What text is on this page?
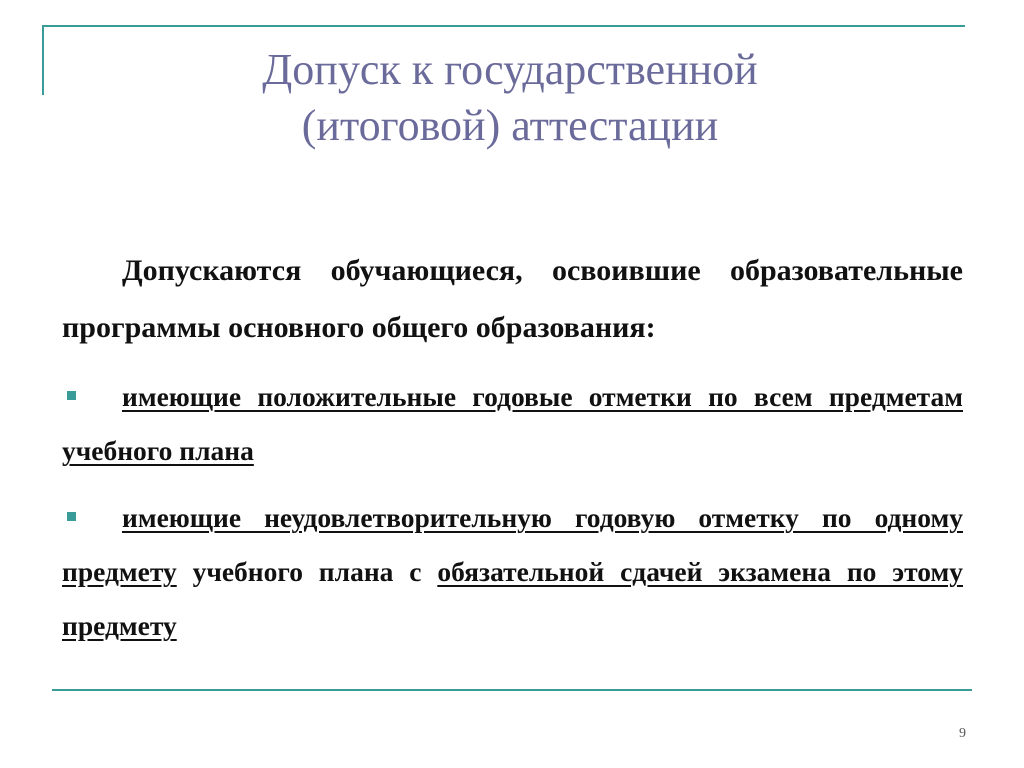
Допуск к государственной
(итоговой) аттестации

Допускаются обучающиеся, освоившие образовательные программы основного общего образования:

имеющие положительные годовые отметки по всем предметам учебного плана

имеющие неудовлетворительную годовую отметку по одному предмету учебного плана с обязательной сдачей экзамена по этому предмету

9
